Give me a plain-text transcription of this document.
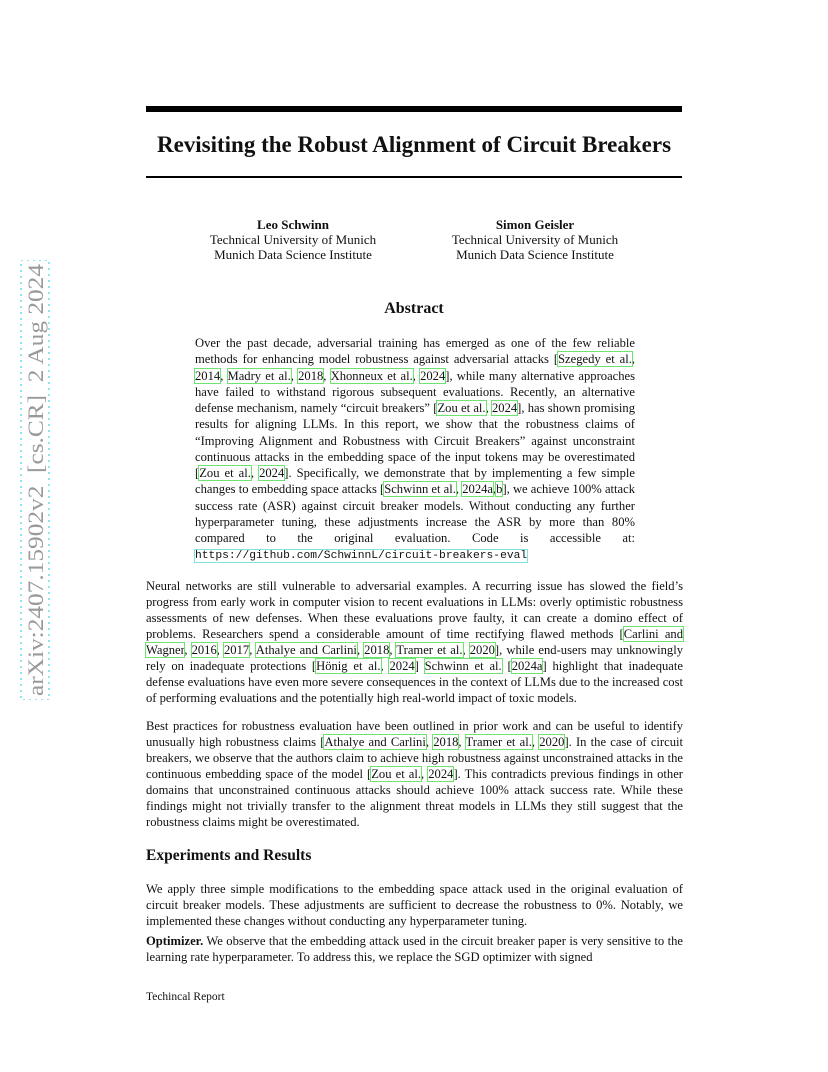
arXiv:2407.15902v2  [cs.CR]  2 Aug 2024
Revisiting the Robust Alignment of Circuit Breakers
Leo Schwinn
Technical University of Munich
Munich Data Science Institute
Simon Geisler
Technical University of Munich
Munich Data Science Institute
Abstract

Over the past decade, adversarial training has emerged as one of the few reliable methods for enhancing model robustness against adversarial attacks [Szegedy et al., 2014, Madry et al., 2018, Xhonneux et al., 2024], while many alternative approaches have failed to withstand rigorous subsequent evaluations. Recently, an alternative defense mechanism, namely “circuit breakers” [Zou et al., 2024], has shown promising results for aligning LLMs. In this report, we show that the robustness claims of “Improving Alignment and Robustness with Circuit Breakers” against unconstraint continuous attacks in the embedding space of the input tokens may be overestimated [Zou et al., 2024]. Specifically, we demonstrate that by implementing a few simple changes to embedding space attacks [Schwinn et al., 2024a,b], we achieve 100% attack success rate (ASR) against circuit breaker models. Without conducting any further hyperparameter tuning, these adjustments increase the ASR by more than 80% compared to the original evaluation. Code is accessible at: https://github.com/SchwinnL/circuit-breakers-eval

Neural networks are still vulnerable to adversarial examples. A recurring issue has slowed the field’s progress from early work in computer vision to recent evaluations in LLMs: overly optimistic robustness assessments of new defenses. When these evaluations prove faulty, it can create a domino effect of problems. Researchers spend a considerable amount of time rectifying flawed methods [Carlini and Wagner, 2016, 2017, Athalye and Carlini, 2018, Tramer et al., 2020], while end-users may unknowingly rely on inadequate protections [Hönig et al., 2024] Schwinn et al. [2024a] highlight that inadequate defense evaluations have even more severe consequences in the context of LLMs due to the increased cost of performing evaluations and the potentially high real-world impact of toxic models.

Best practices for robustness evaluation have been outlined in prior work and can be useful to identify unusually high robustness claims [Athalye and Carlini, 2018, Tramer et al., 2020]. In the case of circuit breakers, we observe that the authors claim to achieve high robustness against unconstrained attacks in the continuous embedding space of the model [Zou et al., 2024]. This contradicts previous findings in other domains that unconstrained continuous attacks should achieve 100% attack success rate. While these findings might not trivially transfer to the alignment threat models in LLMs they still suggest that the robustness claims might be overestimated.

Experiments and Results

We apply three simple modifications to the embedding space attack used in the original evaluation of circuit breaker models. These adjustments are sufficient to decrease the robustness to 0%. Notably, we implemented these changes without conducting any hyperparameter tuning.

Optimizer. We observe that the embedding attack used in the circuit breaker paper is very sensitive to the learning rate hyperparameter. To address this, we replace the SGD optimizer with signed

Techincal Report
